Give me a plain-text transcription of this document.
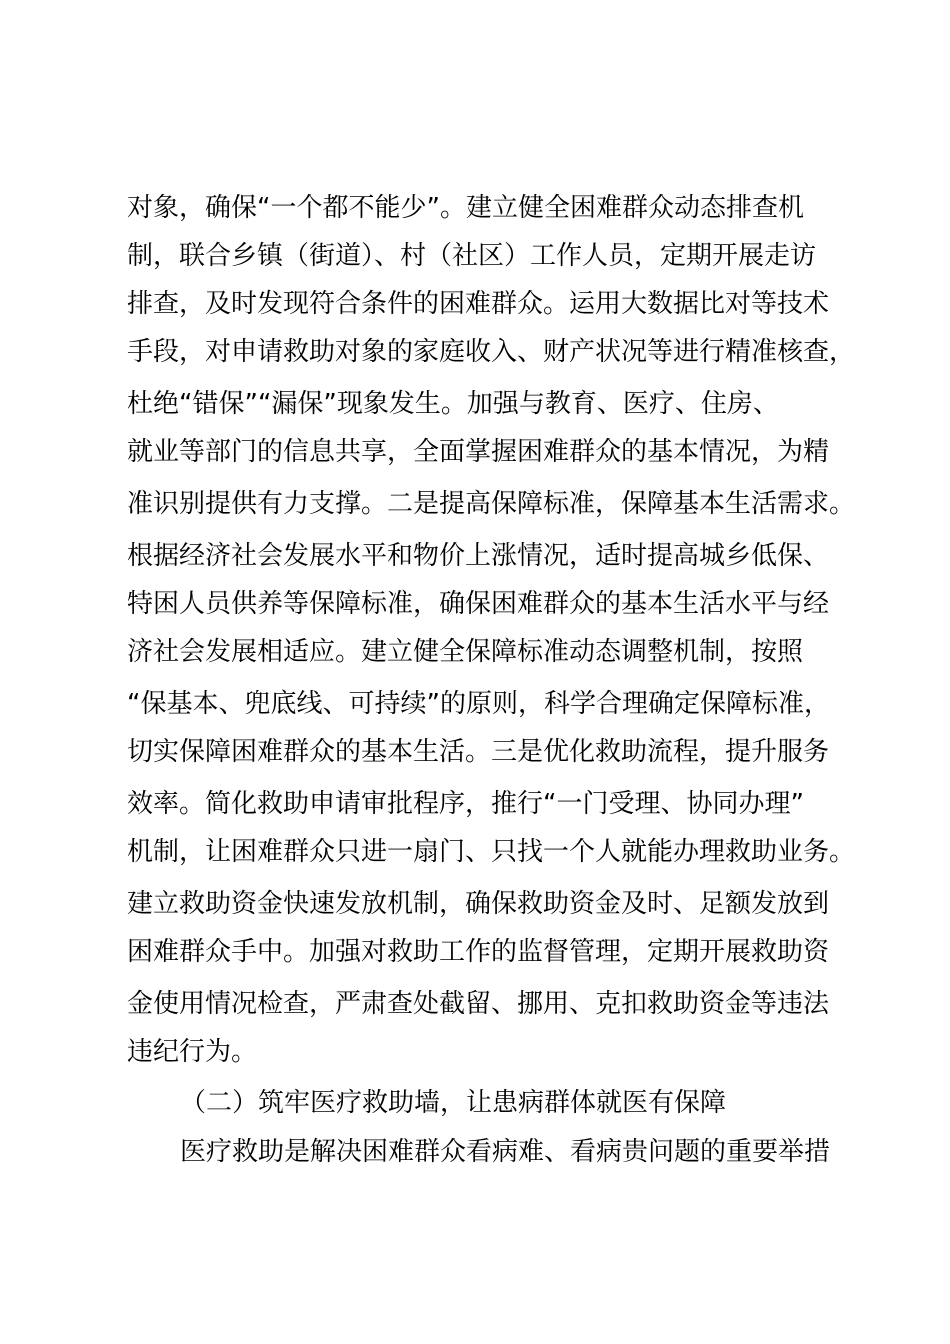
对象，确保“一个都不能少”。建立健全困难群众动态排查机
制，联合乡镇（街道）、村（社区）工作人员，定期开展走访
排查，及时发现符合条件的困难群众。运用大数据比对等技术
手段，对申请救助对象的家庭收入、财产状况等进行精准核查，
杜绝“错保”“漏保”现象发生。加强与教育、医疗、住房、
就业等部门的信息共享，全面掌握困难群众的基本情况，为精
准识别提供有力支撑。二是提高保障标准，保障基本生活需求。
根据经济社会发展水平和物价上涨情况，适时提高城乡低保、
特困人员供养等保障标准，确保困难群众的基本生活水平与经
济社会发展相适应。建立健全保障标准动态调整机制，按照
“保基本、兜底线、可持续”的原则，科学合理确定保障标准，
切实保障困难群众的基本生活。三是优化救助流程，提升服务
效率。简化救助申请审批程序，推行“一门受理、协同办理”
机制，让困难群众只进一扇门、只找一个人就能办理救助业务。
建立救助资金快速发放机制，确保救助资金及时、足额发放到
困难群众手中。加强对救助工作的监督管理，定期开展救助资
金使用情况检查，严肃查处截留、挪用、克扣救助资金等违法
违纪行为。
（二）筑牢医疗救助墙，让患病群体就医有保障
医疗救助是解决困难群众看病难、看病贵问题的重要举措
